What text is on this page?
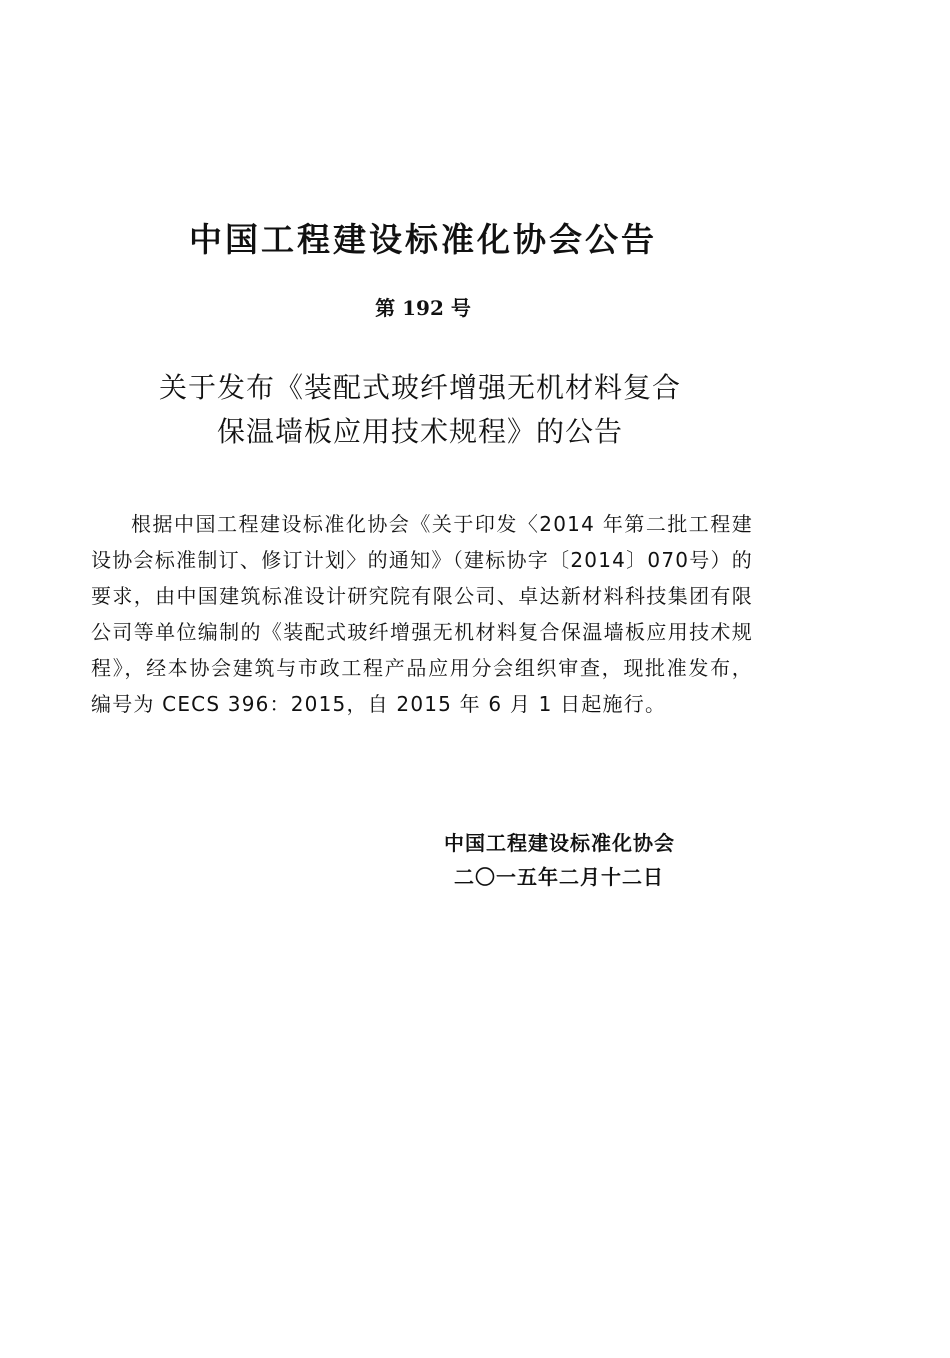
中国工程建设标准化协会公告
第 192 号
关于发布《装配式玻纤增强无机材料复合
保温墙板应用技术规程》的公告

根据中国工程建设标准化协会《关于印发〈2014 年第二批工程建设协会标准制订、修订计划〉的通知》（建标协字〔2014〕070号）的要求，由中国建筑标准设计研究院有限公司、卓达新材料科技集团有限公司等单位编制的《装配式玻纤增强无机材料复合保温墙板应用技术规程》，经本协会建筑与市政工程产品应用分会组织审查，现批准发布，编号为 CECS 396：2015，自 2015 年 6 月 1 日起施行。

中国工程建设标准化协会
二〇一五年二月十二日
